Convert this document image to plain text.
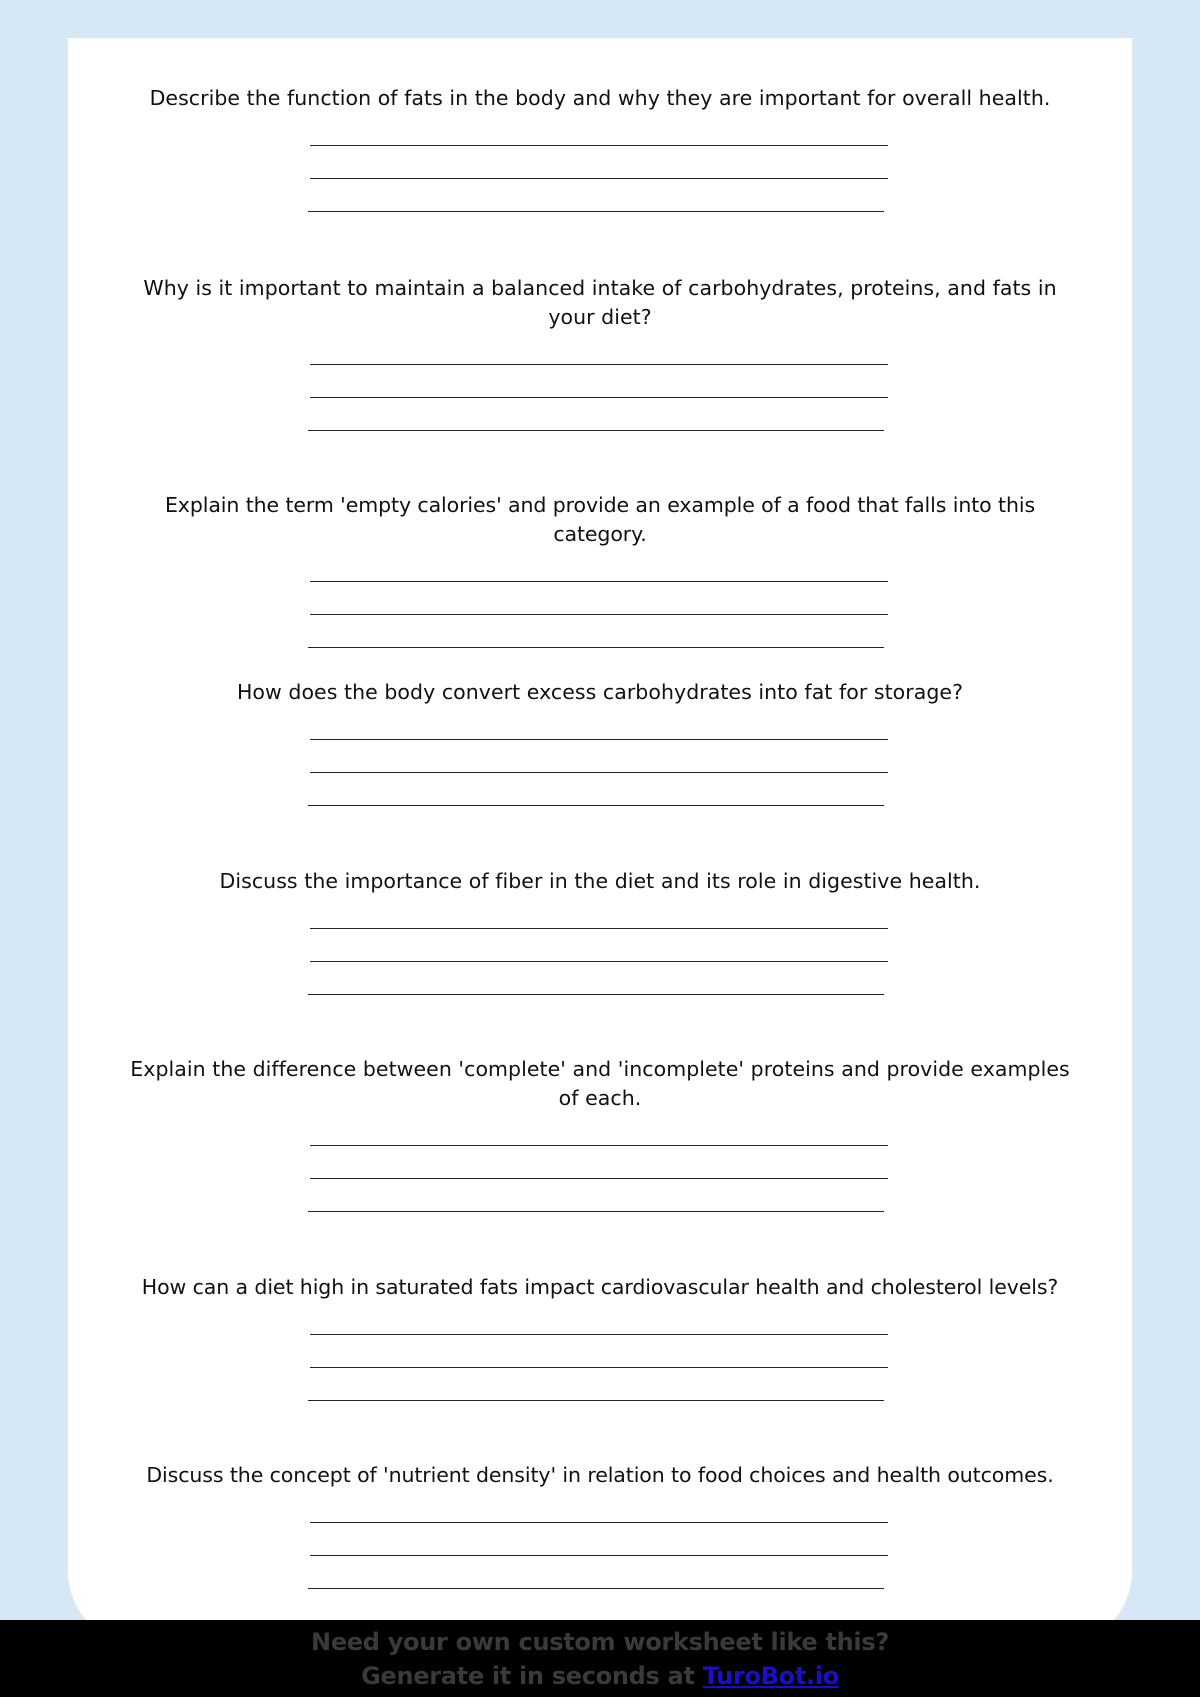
Describe the function of fats in the body and why they are important for overall health.
Why is it important to maintain a balanced intake of carbohydrates, proteins, and fats in your diet?
Explain the term 'empty calories' and provide an example of a food that falls into this category.
How does the body convert excess carbohydrates into fat for storage?
Discuss the importance of fiber in the diet and its role in digestive health.
Explain the difference between 'complete' and 'incomplete' proteins and provide examples of each.
How can a diet high in saturated fats impact cardiovascular health and cholesterol levels?
Discuss the concept of 'nutrient density' in relation to food choices and health outcomes.
Need your own custom worksheet like this?
Generate it in seconds at TuroBot.io
